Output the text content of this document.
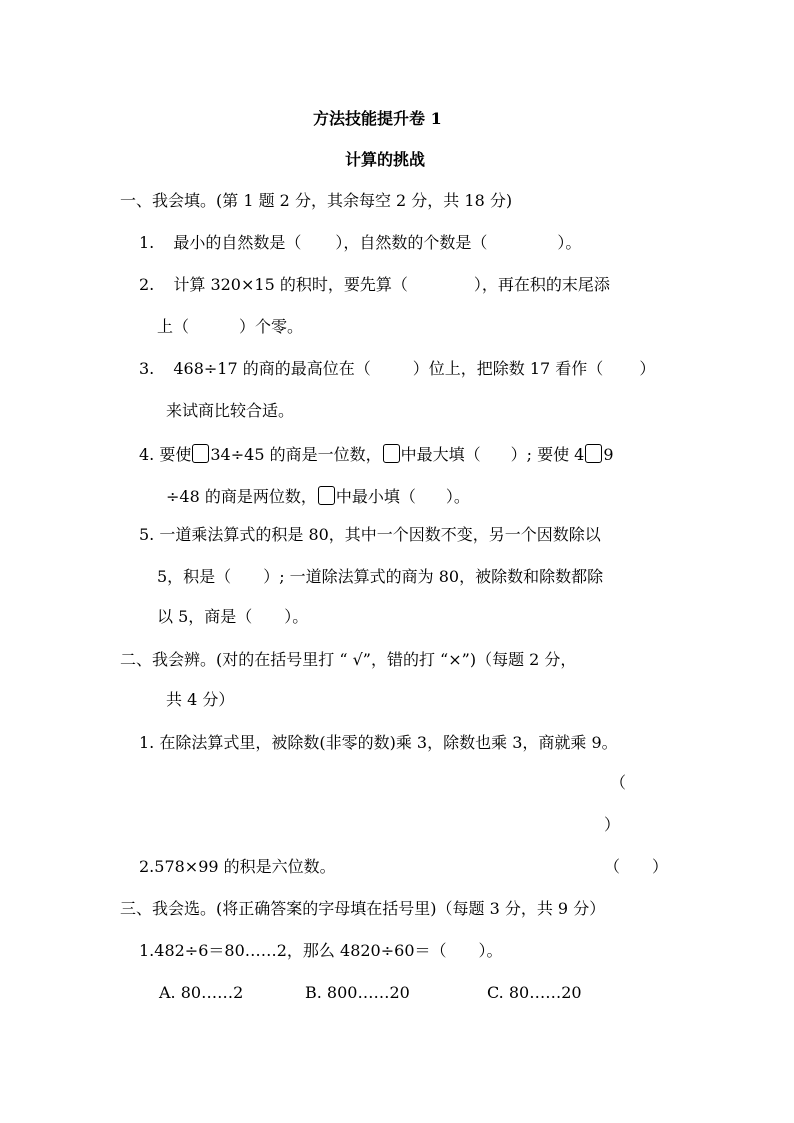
方法技能提升卷 1
计算的挑战
一、我会填。(第 1 题 2 分，其余每空 2 分，共 18 分)
1. 最小的自然数是（ ），自然数的个数是（	）。
2. 计算 320×15 的积时，要先算（	），再在积的末尾添
上（	）个零。
3. 468÷17 的商的最高位在（	）位上，把除数 17 看作（ ）
来试商比较合适。
4. 要使 34÷45 的商是一位数， 中最大填（ ）; 要使 4 9
÷48 的商是两位数， 中最小填（ ）。
5. 一道乘法算式的积是 80，其中一个因数不变，另一个因数除以
5，积是（ ）; 一道除法算式的商为 80，被除数和除数都除
以 5，商是（ ）。
二、我会辨。(对的在括号里打 “ √”，错的打 “×”)（每题 2 分，
共 4 分）
1. 在除法算式里，被除数(非零的数)乘 3，除数也乘 3，商就乘 9。
（
）
2.578×99 的积是六位数。	（　　）
三、我会选。(将正确答案的字母填在括号里)（每题 3 分，共 9 分）
1.482÷6＝80……2，那么 4820÷60＝（　　）。
A. 80……2	B. 800……20	C. 80……20
